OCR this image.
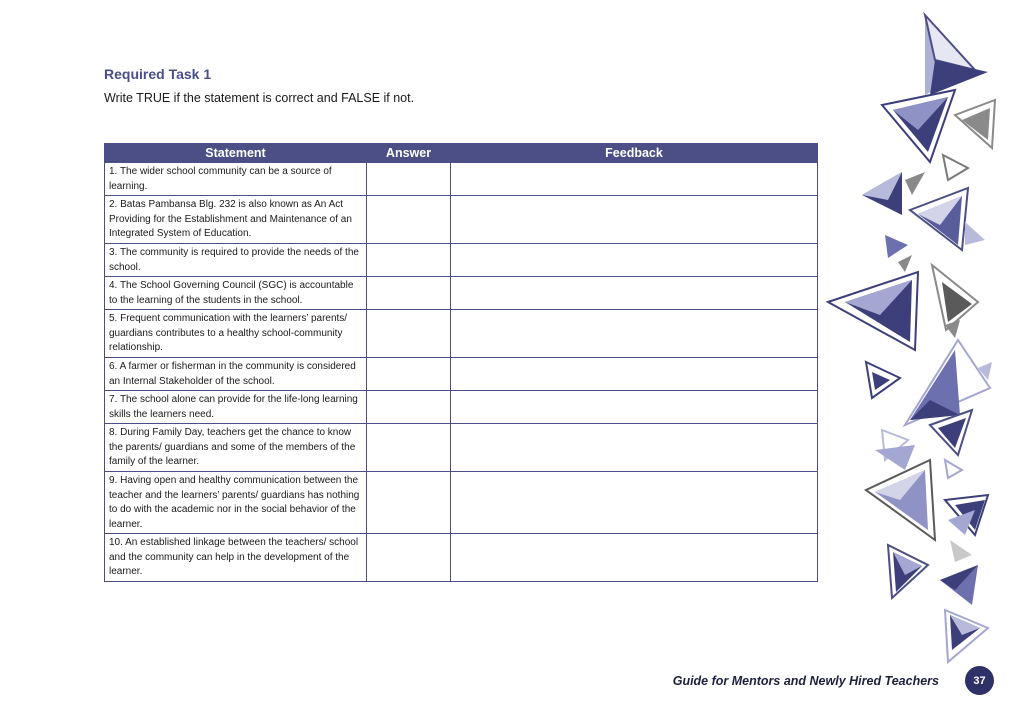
Required Task 1
Write TRUE if the statement is correct and FALSE if not.
Statement	Answer	Feedback
1. The wider school community can be a source of learning.		
2. Batas Pambansa Blg. 232 is also known as An Act Providing for the Establishment and Maintenance of an Integrated System of Education.		
3. The community is required to provide the needs of the school.		
4. The School Governing Council (SGC) is accountable to the learning of the students in the school.		
5. Frequent communication with the learners’ parents/ guardians contributes to a healthy school-community relationship.		
6. A farmer or fisherman in the community is considered an Internal Stakeholder of the school.		
7. The school alone can provide for the life-long learning skills the learners need.		
8. During Family Day, teachers get the chance to know the parents/ guardians and some of the members of the family of the learner.		
9. Having open and healthy communication between the teacher and the learners’ parents/ guardians has nothing to do with the academic nor in the social behavior of the learner.		
10. An established linkage between the teachers/ school and the community can help in the development of the learner.		
Guide for Mentors and Newly Hired Teachers	37
